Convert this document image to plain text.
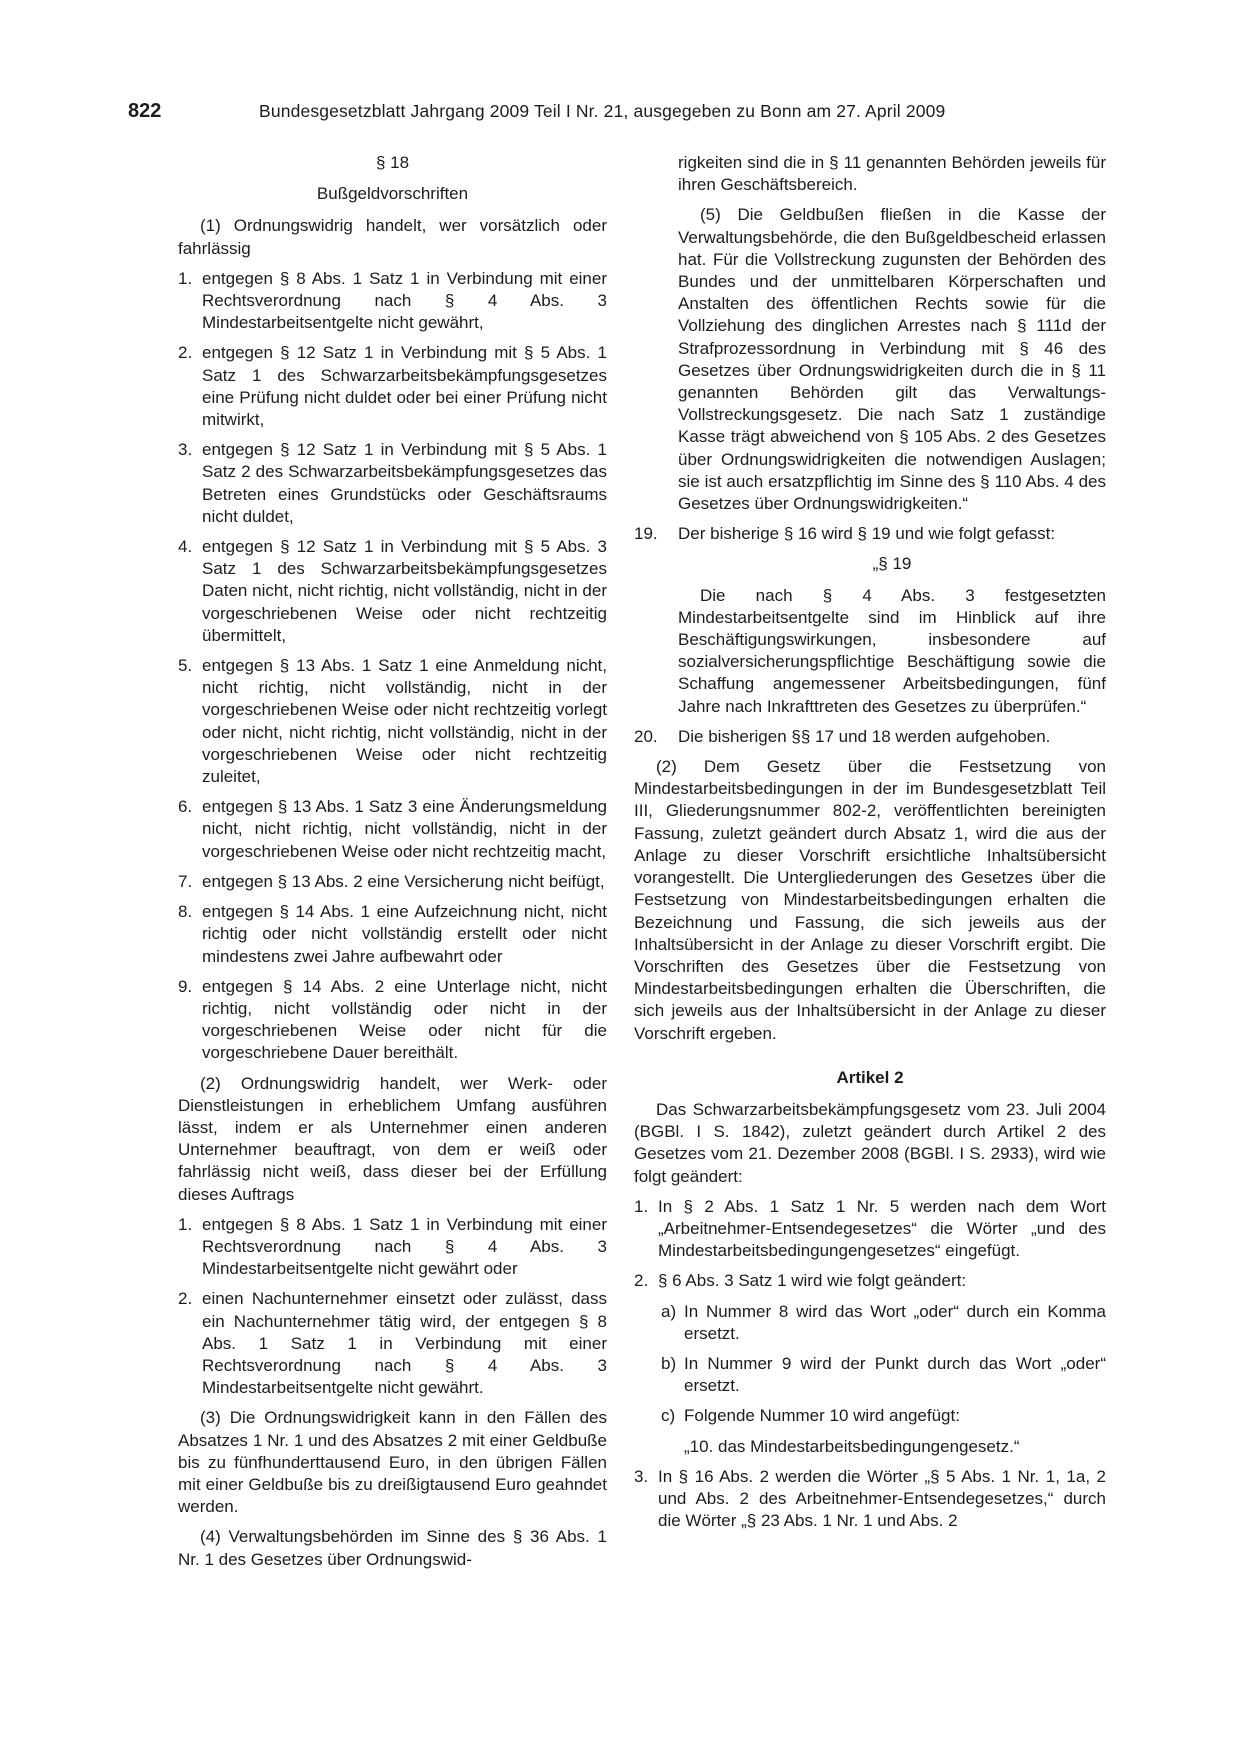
822	Bundesgesetzblatt Jahrgang 2009 Teil I Nr. 21, ausgegeben zu Bonn am 27. April 2009
§ 18
Bußgeldvorschriften

(1) Ordnungswidrig handelt, wer vorsätzlich oder fahrlässig

1. entgegen § 8 Abs. 1 Satz 1 in Verbindung mit einer Rechtsverordnung nach § 4 Abs. 3 Mindestarbeitsentgelte nicht gewährt,
2. entgegen § 12 Satz 1 in Verbindung mit § 5 Abs. 1 Satz 1 des Schwarzarbeitsbekämpfungsgesetzes eine Prüfung nicht duldet oder bei einer Prüfung nicht mitwirkt,
3. entgegen § 12 Satz 1 in Verbindung mit § 5 Abs. 1 Satz 2 des Schwarzarbeitsbekämpfungsgesetzes das Betreten eines Grundstücks oder Geschäftsraums nicht duldet,
4. entgegen § 12 Satz 1 in Verbindung mit § 5 Abs. 3 Satz 1 des Schwarzarbeitsbekämpfungsgesetzes Daten nicht, nicht richtig, nicht vollständig, nicht in der vorgeschriebenen Weise oder nicht rechtzeitig übermittelt,
5. entgegen § 13 Abs. 1 Satz 1 eine Anmeldung nicht, nicht richtig, nicht vollständig, nicht in der vorgeschriebenen Weise oder nicht rechtzeitig vorlegt oder nicht, nicht richtig, nicht vollständig, nicht in der vorgeschriebenen Weise oder nicht rechtzeitig zuleitet,
6. entgegen § 13 Abs. 1 Satz 3 eine Änderungsmeldung nicht, nicht richtig, nicht vollständig, nicht in der vorgeschriebenen Weise oder nicht rechtzeitig macht,
7. entgegen § 13 Abs. 2 eine Versicherung nicht beifügt,
8. entgegen § 14 Abs. 1 eine Aufzeichnung nicht, nicht richtig oder nicht vollständig erstellt oder nicht mindestens zwei Jahre aufbewahrt oder
9. entgegen § 14 Abs. 2 eine Unterlage nicht, nicht richtig, nicht vollständig oder nicht in der vorgeschriebenen Weise oder nicht für die vorgeschriebene Dauer bereithält.

(2) Ordnungswidrig handelt, wer Werk- oder Dienstleistungen in erheblichem Umfang ausführen lässt, indem er als Unternehmer einen anderen Unternehmer beauftragt, von dem er weiß oder fahrlässig nicht weiß, dass dieser bei der Erfüllung dieses Auftrags

1. entgegen § 8 Abs. 1 Satz 1 in Verbindung mit einer Rechtsverordnung nach § 4 Abs. 3 Mindestarbeitsentgelte nicht gewährt oder
2. einen Nachunternehmer einsetzt oder zulässt, dass ein Nachunternehmer tätig wird, der entgegen § 8 Abs. 1 Satz 1 in Verbindung mit einer Rechtsverordnung nach § 4 Abs. 3 Mindestarbeitsentgelte nicht gewährt.

(3) Die Ordnungswidrigkeit kann in den Fällen des Absatzes 1 Nr. 1 und des Absatzes 2 mit einer Geldbuße bis zu fünfhunderttausend Euro, in den übrigen Fällen mit einer Geldbuße bis zu dreißigtausend Euro geahndet werden.

(4) Verwaltungsbehörden im Sinne des § 36 Abs. 1 Nr. 1 des Gesetzes über Ordnungswid-

rigkeiten sind die in § 11 genannten Behörden jeweils für ihren Geschäftsbereich.

(5) Die Geldbußen fließen in die Kasse der Verwaltungsbehörde, die den Bußgeldbescheid erlassen hat. Für die Vollstreckung zugunsten der Behörden des Bundes und der unmittelbaren Körperschaften und Anstalten des öffentlichen Rechts sowie für die Vollziehung des dinglichen Arrestes nach § 111d der Strafprozessordnung in Verbindung mit § 46 des Gesetzes über Ordnungswidrigkeiten durch die in § 11 genannten Behörden gilt das Verwaltungs-Vollstreckungsgesetz. Die nach Satz 1 zuständige Kasse trägt abweichend von § 105 Abs. 2 des Gesetzes über Ordnungswidrigkeiten die notwendigen Auslagen; sie ist auch ersatzpflichtig im Sinne des § 110 Abs. 4 des Gesetzes über Ordnungswidrigkeiten.“

19.	Der bisherige § 16 wird § 19 und wie folgt gefasst:
„§ 19

Die nach § 4 Abs. 3 festgesetzten Mindestarbeitsentgelte sind im Hinblick auf ihre Beschäftigungswirkungen, insbesondere auf sozialversicherungspflichtige Beschäftigung sowie die Schaffung angemessener Arbeitsbedingungen, fünf Jahre nach Inkrafttreten des Gesetzes zu überprüfen.“

20.	Die bisherigen §§ 17 und 18 werden aufgehoben.

(2) Dem Gesetz über die Festsetzung von Mindestarbeitsbedingungen in der im Bundesgesetzblatt Teil III, Gliederungsnummer 802-2, veröffentlichten bereinigten Fassung, zuletzt geändert durch Absatz 1, wird die aus der Anlage zu dieser Vorschrift ersichtliche Inhaltsübersicht vorangestellt. Die Untergliederungen des Gesetzes über die Festsetzung von Mindestarbeitsbedingungen erhalten die Bezeichnung und Fassung, die sich jeweils aus der Inhaltsübersicht in der Anlage zu dieser Vorschrift ergibt. Die Vorschriften des Gesetzes über die Festsetzung von Mindestarbeitsbedingungen erhalten die Überschriften, die sich jeweils aus der Inhaltsübersicht in der Anlage zu dieser Vorschrift ergeben.

Artikel 2

Das Schwarzarbeitsbekämpfungsgesetz vom 23. Juli 2004 (BGBl. I S. 1842), zuletzt geändert durch Artikel 2 des Gesetzes vom 21. Dezember 2008 (BGBl. I S. 2933), wird wie folgt geändert:

1. In § 2 Abs. 1 Satz 1 Nr. 5 werden nach dem Wort „Arbeitnehmer-Entsendegesetzes“ die Wörter „und des Mindestarbeitsbedingungengesetzes“ eingefügt.
2. § 6 Abs. 3 Satz 1 wird wie folgt geändert:
a) In Nummer 8 wird das Wort „oder“ durch ein Komma ersetzt.
b) In Nummer 9 wird der Punkt durch das Wort „oder“ ersetzt.
c) Folgende Nummer 10 wird angefügt:
„10. das Mindestarbeitsbedingungengesetz.“
3. In § 16 Abs. 2 werden die Wörter „§ 5 Abs. 1 Nr. 1, 1a, 2 und Abs. 2 des Arbeitnehmer-Entsendegesetzes,“ durch die Wörter „§ 23 Abs. 1 Nr. 1 und Abs. 2
